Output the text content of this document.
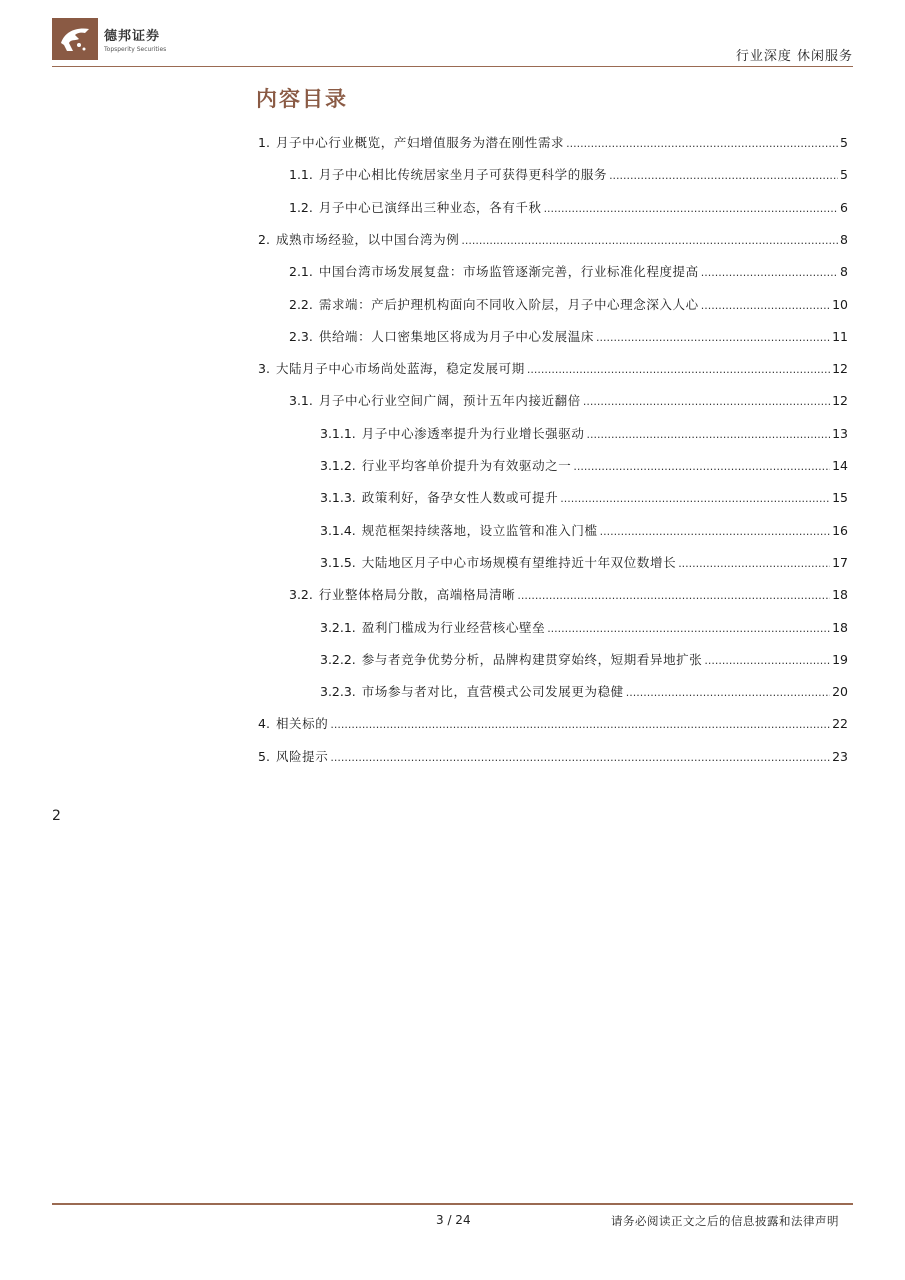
德邦证券
Topsperity Securities	行业深度 休闲服务
内容目录
1. 月子中心行业概览，产妇增值服务为潜在刚性需求 .....	5
1.1. 月子中心相比传统居家坐月子可获得更科学的服务 .....	5
1.2. 月子中心已演绎出三种业态，各有千秋 .....	6
2. 成熟市场经验，以中国台湾为例 .....	8
2.1. 中国台湾市场发展复盘：市场监管逐渐完善，行业标准化程度提高 .....	8
2.2. 需求端：产后护理机构面向不同收入阶层，月子中心理念深入人心 .....	10
2.3. 供给端：人口密集地区将成为月子中心发展温床 .....	11
3. 大陆月子中心市场尚处蓝海，稳定发展可期 .....	12
3.1. 月子中心行业空间广阔，预计五年内接近翻倍 .....	12
3.1.1. 月子中心渗透率提升为行业增长强驱动 .....	13
3.1.2. 行业平均客单价提升为有效驱动之一 .....	14
3.1.3. 政策利好，备孕女性人数或可提升 .....	15
3.1.4. 规范框架持续落地，设立监管和准入门槛 .....	16
3.1.5. 大陆地区月子中心市场规模有望维持近十年双位数增长 .....	17
3.2. 行业整体格局分散，高端格局清晰 .....	18
3.2.1. 盈利门槛成为行业经营核心壁垒 .....	18
3.2.2. 参与者竞争优势分析，品牌构建贯穿始终，短期看异地扩张 .....	19
3.2.3. 市场参与者对比，直营模式公司发展更为稳健 .....	20
4. 相关标的 .....	22
5. 风险提示 .....	23
2
3 / 24	请务必阅读正文之后的信息披露和法律声明
